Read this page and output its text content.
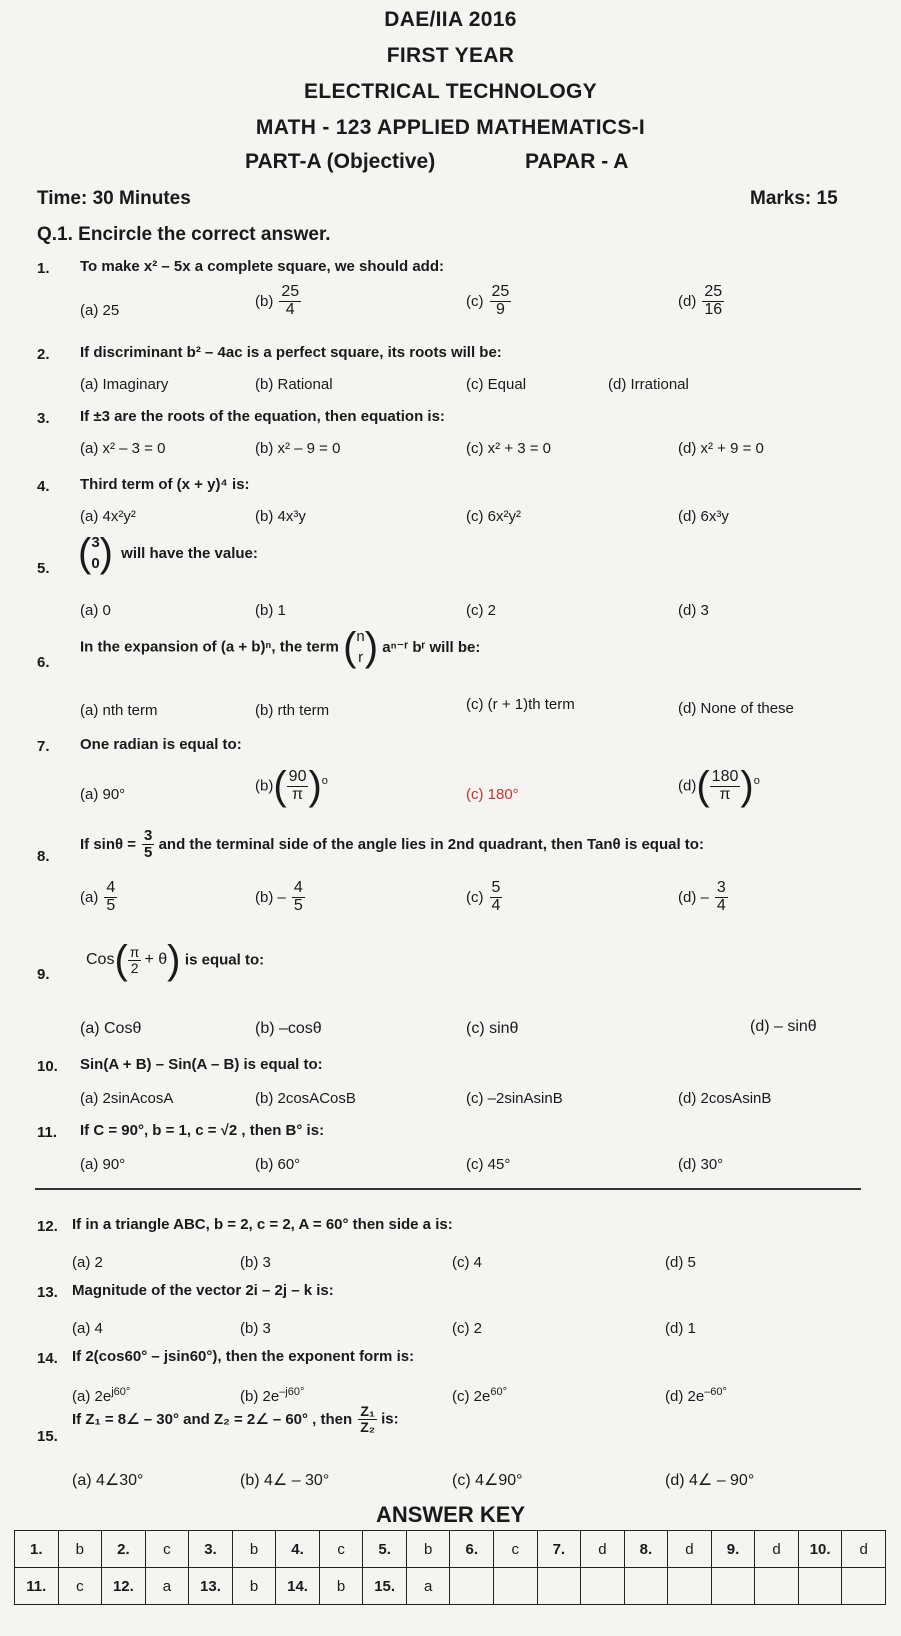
DAE/IIA 2016
FIRST YEAR
ELECTRICAL TECHNOLOGY
MATH - 123 APPLIED MATHEMATICS-I
PART-A (Objective)	PAPAR - A
Time: 30 Minutes	Marks: 15
Q.1. Encircle the correct answer.
1. To make x² – 5x a complete square, we should add:
(a) 25
$(b) \frac{25}{4}$	$(c) \frac{25}{9}$	$(d) \frac{25}{16}$
2. If discriminant b² – 4ac is a perfect square, its roots will be:
(a) Imaginary	(b) Rational	(c) Equal	(d) Irrational
3. If ±3 are the roots of the equation, then equation is:
(a) x² – 3 = 0	(b) x² – 9 = 0	(c) x² + 3 = 0	(d) x² + 9 = 0
4. Third term of (x + y)⁴ is:
(a) 4x²y²	(b) 4x³y	(c) 6x²y²	(d) 6x³y
5. ( 3
0 ) will have the value:
(a) 0	(b) 1	(c) 2	(d) 3
6.
In the expansion of (a + b)ⁿ, the term ( n
r ) aⁿ⁻ʳ bʳ will be:
(a) nth term	(b) rth term	(c) (r + 1)th term	(d) None of these
7. One radian is equal to:
(a) 90°	$(b)( \frac{90}{\pi} )^o$
(c) 180°	$(d)( \frac{180}{\pi} )^o$
8.
If $\sin\theta = \frac{3}{5}$ and the terminal side of the angle lies in 2nd quadrant, then Tanθ is equal to:
$(a) \frac{4}{5}$	$(b) - \frac{4}{5}$	$(c) \frac{5}{4}$	$(d) - \frac{3}{4}$
9.
$Cos( \frac{\pi}{2} + \theta)$ is equal to:
(a) Cosθ	(b) –cosθ	(c) sinθ	(d) – sinθ
10. Sin(A + B) – Sin(A – B) is equal to:
(a) 2sinAcosA	(b) 2cosACosB	(c) –2sinAsinB	(d) 2cosAsinB
11. If C = 90°, b = 1, c = √2 , then B° is:
(a) 90°	(b) 60°	(c) 45°	(d) 30°
12. If in a triangle ABC, b = 2, c = 2, A = 60° then side a is:
(a) 2	(b) 3	(c) 4	(d) 5
13. Magnitude of the vector 2i – 2j – k is:
(a) 4	(b) 3	(c) 2	(d) 1
14. If 2(cos60° – jsin60°), then the exponent form is:
(a) $2e^{j60^\circ}$	(b) $2e^{-j60^\circ}$	(c) $2e^{60^\circ}$	(d) $2e^{-60^\circ}$
15.
If Z₁ = 8∠ – 30° and Z₂ = 2∠ – 60° , then $\frac{\text{Z₁}}{\text{Z₂}}$ is:
(a) 4∠30°	(b) 4∠ – 30°	(c) 4∠90°	(d) 4∠ – 90°
ANSWER KEY
1.	b	2.	c	3.	b	4.	c	5.	b	6.	c	7.	d	8.	d	9.	d	10.	d
11.	c	12.	a	13.	b	14.	b	15.	a										
